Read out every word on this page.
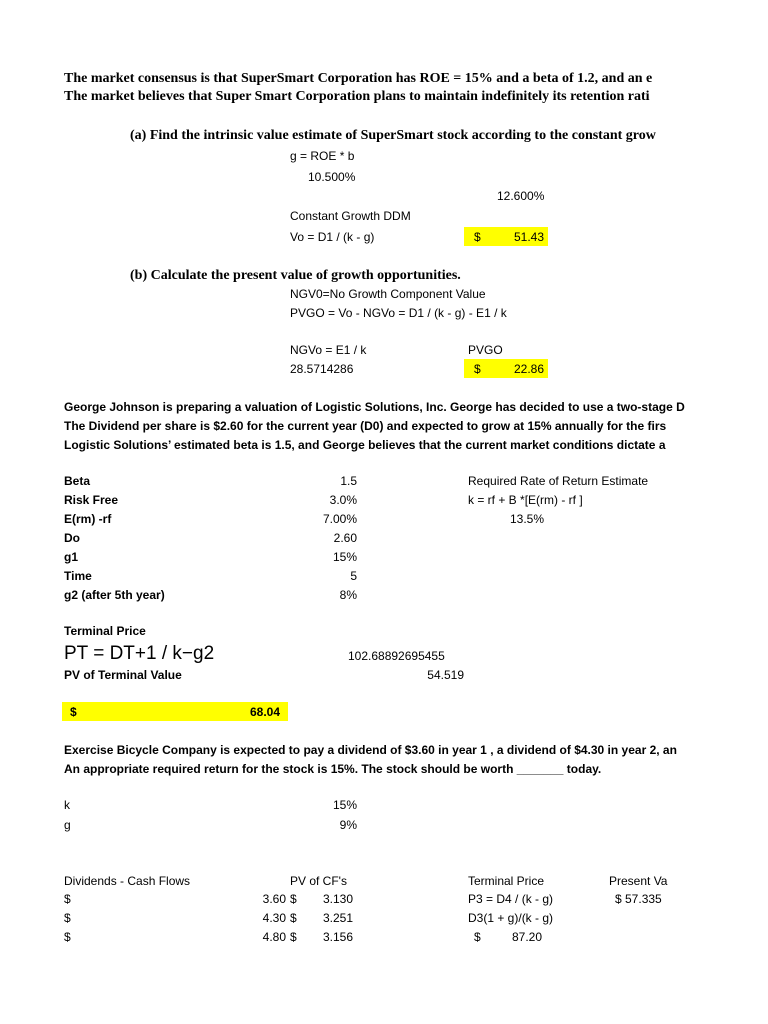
The market consensus is that SuperSmart Corporation has ROE = 15% and a beta of 1.2, and an e
The market believes that Super Smart Corporation plans to maintain indefinitely its retention rati
(a) Find the intrinsic value estimate of SuperSmart stock according to the constant grow
g = ROE * b
10.500%
12.600%
Constant Growth DDM
Vo = D1 / (k - g)	$	51.43
(b) Calculate the present value of growth opportunities.
NGV0=No Growth Component Value
PVGO = Vo - NGVo = D1 / (k - g) - E1 / k
NGVo = E1 / k	PVGO
28.5714286	$	22.86
George Johnson is preparing a valuation of Logistic Solutions, Inc. George has decided to use a two-stage D
The Dividend per share is $2.60 for the current year (D0) and expected to grow at 15% annually for the firs
Logistic Solutions’ estimated beta is 1.5, and George believes that the current market conditions dictate a
Beta	1.5
Risk Free	3.0%
E(rm) -rf	7.00%
Do	2.60
g1	15%
Time	5
g2 (after 5th year)	8%
Required Rate of Return Estimate
k = rf + B *[E(rm) - rf ]
13.5%
Terminal Price
PT = DT+1 / k−g2	102.68892695455
PV of Terminal Value	54.519
$	68.04
Exercise Bicycle Company is expected to pay a dividend of $3.60 in year 1 , a dividend of $4.30 in year 2, an
An appropriate required return for the stock is 15%. The stock should be worth _______ today.
k	15%
g	9%
Dividends - Cash Flows	PV of CF's	Terminal Price	Present Va
$	3.60 $	3.130	P3 = D4 / (k - g)	$ 57.335
$	4.30 $	3.251	D3(1 + g)/(k - g)
$	4.80 $	3.156	$	87.20
